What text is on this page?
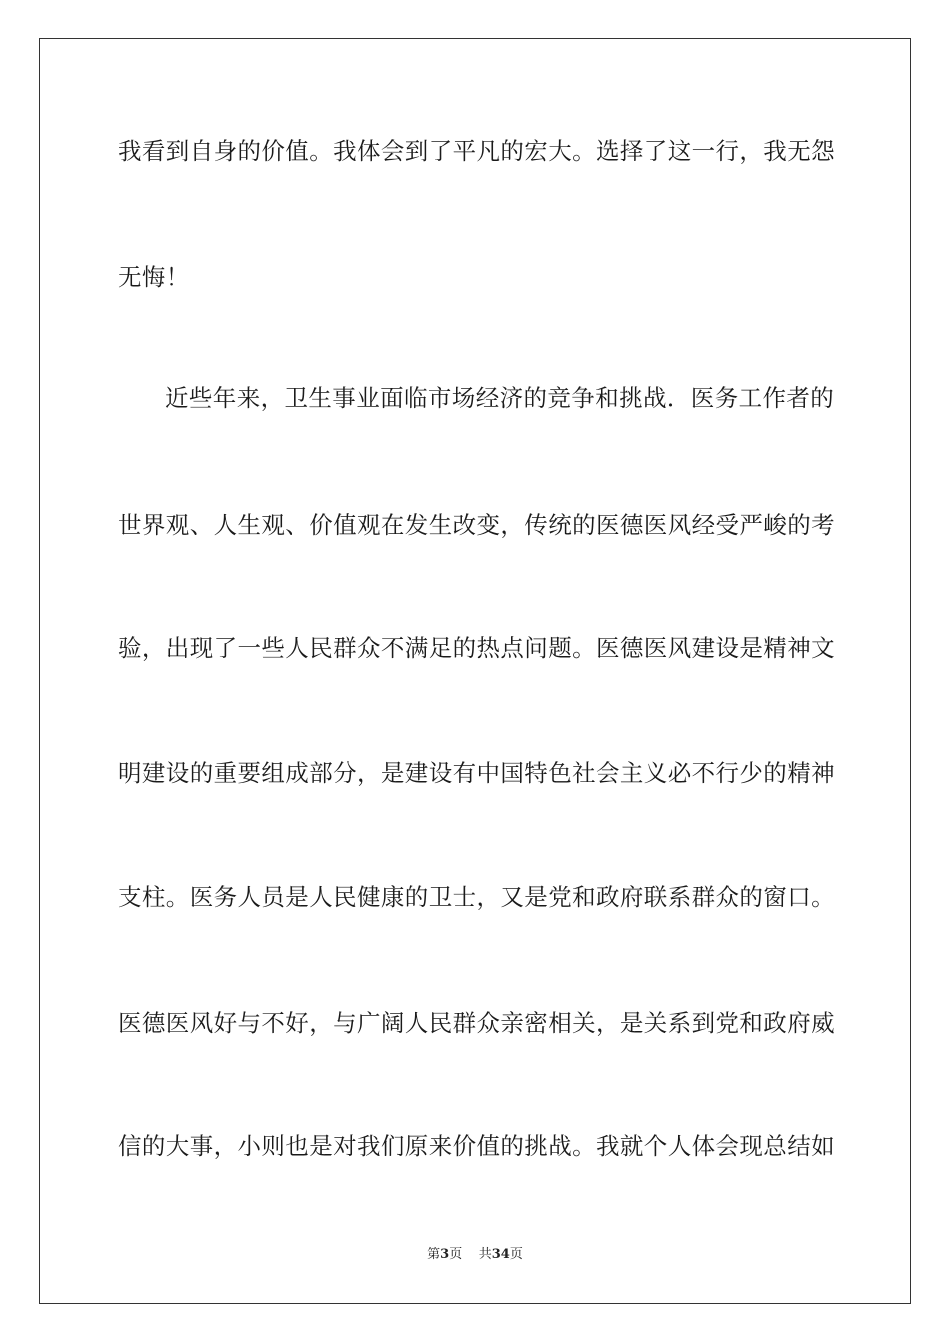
我看到自身的价值。我体会到了平凡的宏大。选择了这一行，我无怨
无悔！
近些年来，卫生事业面临市场经济的竞争和挑战．医务工作者的
世界观、人生观、价值观在发生改变，传统的医德医风经受严峻的考
验，出现了一些人民群众不满足的热点问题。医德医风建设是精神文
明建设的重要组成部分，是建设有中国特色社会主义必不行少的精神
支柱。医务人员是人民健康的卫士，又是党和政府联系群众的窗口。
医德医风好与不好，与广阔人民群众亲密相关，是关系到党和政府威
信的大事，小则也是对我们原来价值的挑战。我就个人体会现总结如
第3页 共34页
